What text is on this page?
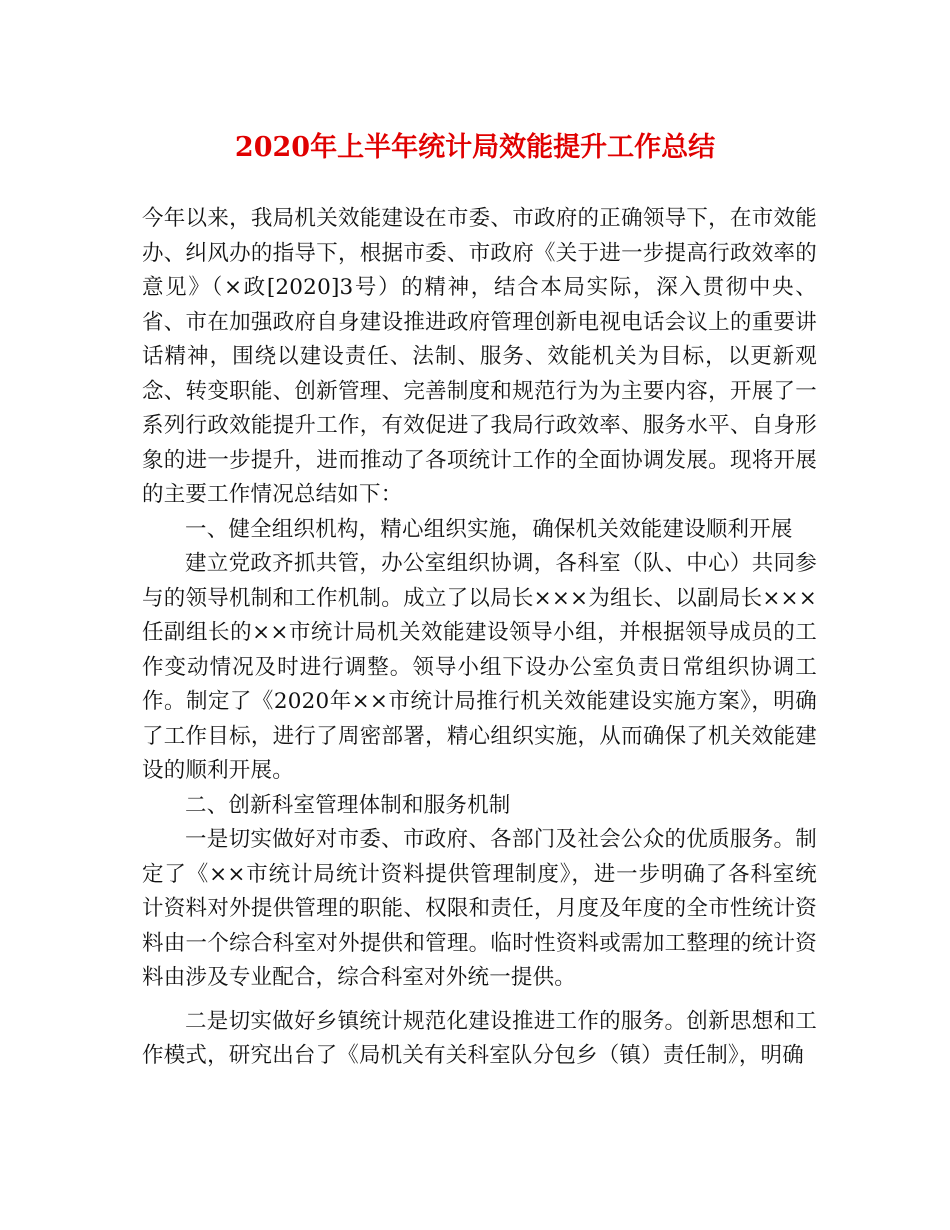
2020年上半年统计局效能提升工作总结

今年以来，我局机关效能建设在市委、市政府的正确领导下，在市效能办、纠风办的指导下，根据市委、市政府《关于进一步提高行政效率的意见》（×政[2020]3号）的精神，结合本局实际，深入贯彻中央、省、市在加强政府自身建设推进政府管理创新电视电话会议上的重要讲话精神，围绕以建设责任、法制、服务、效能机关为目标，以更新观念、转变职能、创新管理、完善制度和规范行为为主要内容，开展了一系列行政效能提升工作，有效促进了我局行政效率、服务水平、自身形象的进一步提升，进而推动了各项统计工作的全面协调发展。现将开展的主要工作情况总结如下：

一、健全组织机构，精心组织实施，确保机关效能建设顺利开展

建立党政齐抓共管，办公室组织协调，各科室（队、中心）共同参与的领导机制和工作机制。成立了以局长×××为组长、以副局长×××任副组长的××市统计局机关效能建设领导小组，并根据领导成员的工作变动情况及时进行调整。领导小组下设办公室负责日常组织协调工作。制定了《2020年××市统计局推行机关效能建设实施方案》，明确了工作目标，进行了周密部署，精心组织实施，从而确保了机关效能建设的顺利开展。

二、创新科室管理体制和服务机制

一是切实做好对市委、市政府、各部门及社会公众的优质服务。制定了《××市统计局统计资料提供管理制度》，进一步明确了各科室统计资料对外提供管理的职能、权限和责任，月度及年度的全市性统计资料由一个综合科室对外提供和管理。临时性资料或需加工整理的统计资料由涉及专业配合，综合科室对外统一提供。

二是切实做好乡镇统计规范化建设推进工作的服务。创新思想和工作模式，研究出台了《局机关有关科室队分包乡（镇）责任制》，明确
